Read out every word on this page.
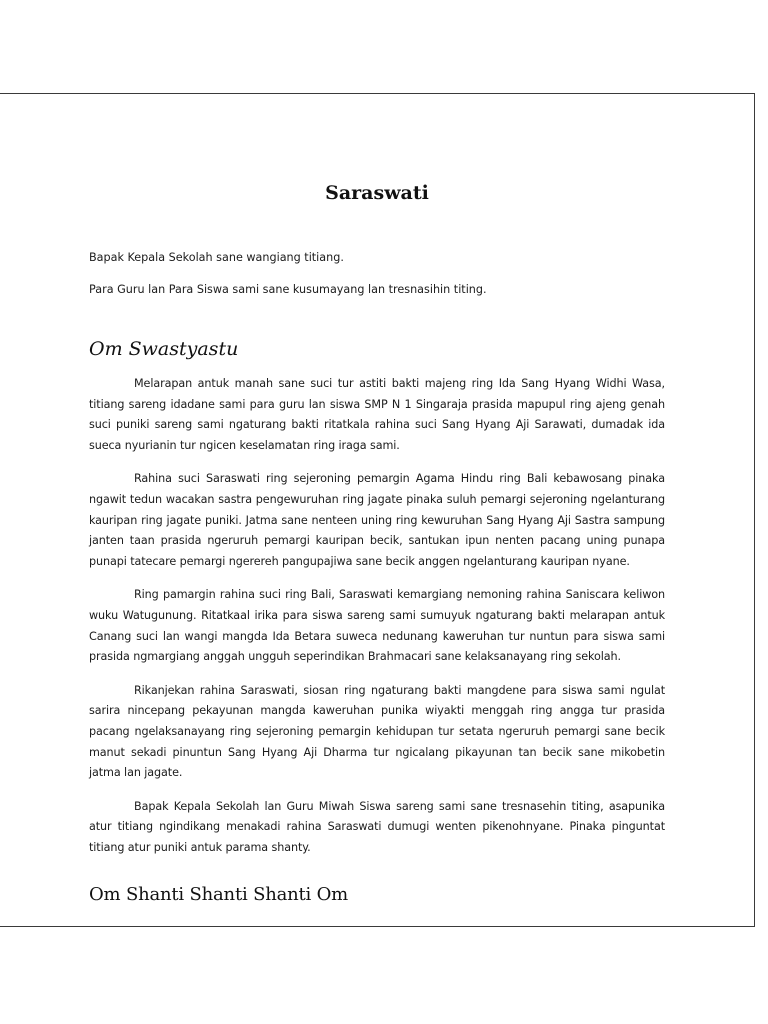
Saraswati

Bapak Kepala Sekolah sane wangiang titiang.

Para Guru lan Para Siswa sami sane kusumayang lan tresnasihin titing.

Om Swastyastu

Melarapan antuk manah sane suci tur astiti bakti majeng ring Ida Sang Hyang Widhi Wasa, titiang sareng idadane sami para guru lan siswa SMP N 1 Singaraja prasida mapupul ring ajeng genah suci puniki sareng sami ngaturang bakti ritatkala rahina suci Sang Hyang Aji Sarawati, dumadak ida sueca nyurianin tur ngicen keselamatan ring iraga sami.

Rahina suci Saraswati ring sejeroning pemargin Agama Hindu ring Bali kebawosang pinaka ngawit tedun wacakan sastra pengewuruhan ring jagate pinaka suluh pemargi sejeroning ngelanturang kauripan ring jagate puniki. Jatma sane nenteen uning ring kewuruhan Sang Hyang Aji Sastra sampung janten taan prasida ngeruruh pemargi kauripan becik, santukan ipun nenten pacang uning punapa punapi tatecare pemargi ngerereh pangupajiwa sane becik anggen ngelanturang kauripan nyane.

Ring pamargin rahina suci ring Bali, Saraswati kemargiang nemoning rahina Saniscara keliwon wuku Watugunung. Ritatkaal irika para siswa sareng sami sumuyuk ngaturang bakti melarapan antuk Canang suci lan wangi mangda Ida Betara suweca nedunang kaweruhan tur nuntun para siswa sami prasida ngmargiang anggah ungguh seperindikan Brahmacari sane kelaksanayang ring sekolah.

Rikanjekan rahina Saraswati, siosan ring ngaturang bakti mangdene para siswa sami ngulat sarira nincepang pekayunan mangda kaweruhan punika wiyakti menggah ring angga tur prasida pacang ngelaksanayang ring sejeroning pemargin kehidupan tur setata ngeruruh pemargi sane becik manut sekadi pinuntun Sang Hyang Aji Dharma tur ngicalang pikayunan tan becik sane mikobetin jatma lan jagate.

Bapak Kepala Sekolah lan Guru Miwah Siswa sareng sami sane tresnasehin titing, asapunika atur titiang ngindikang menakadi rahina Saraswati dumugi wenten pikenohnyane. Pinaka pinguntat titiang atur puniki antuk parama shanty.

Om Shanti Shanti Shanti Om
